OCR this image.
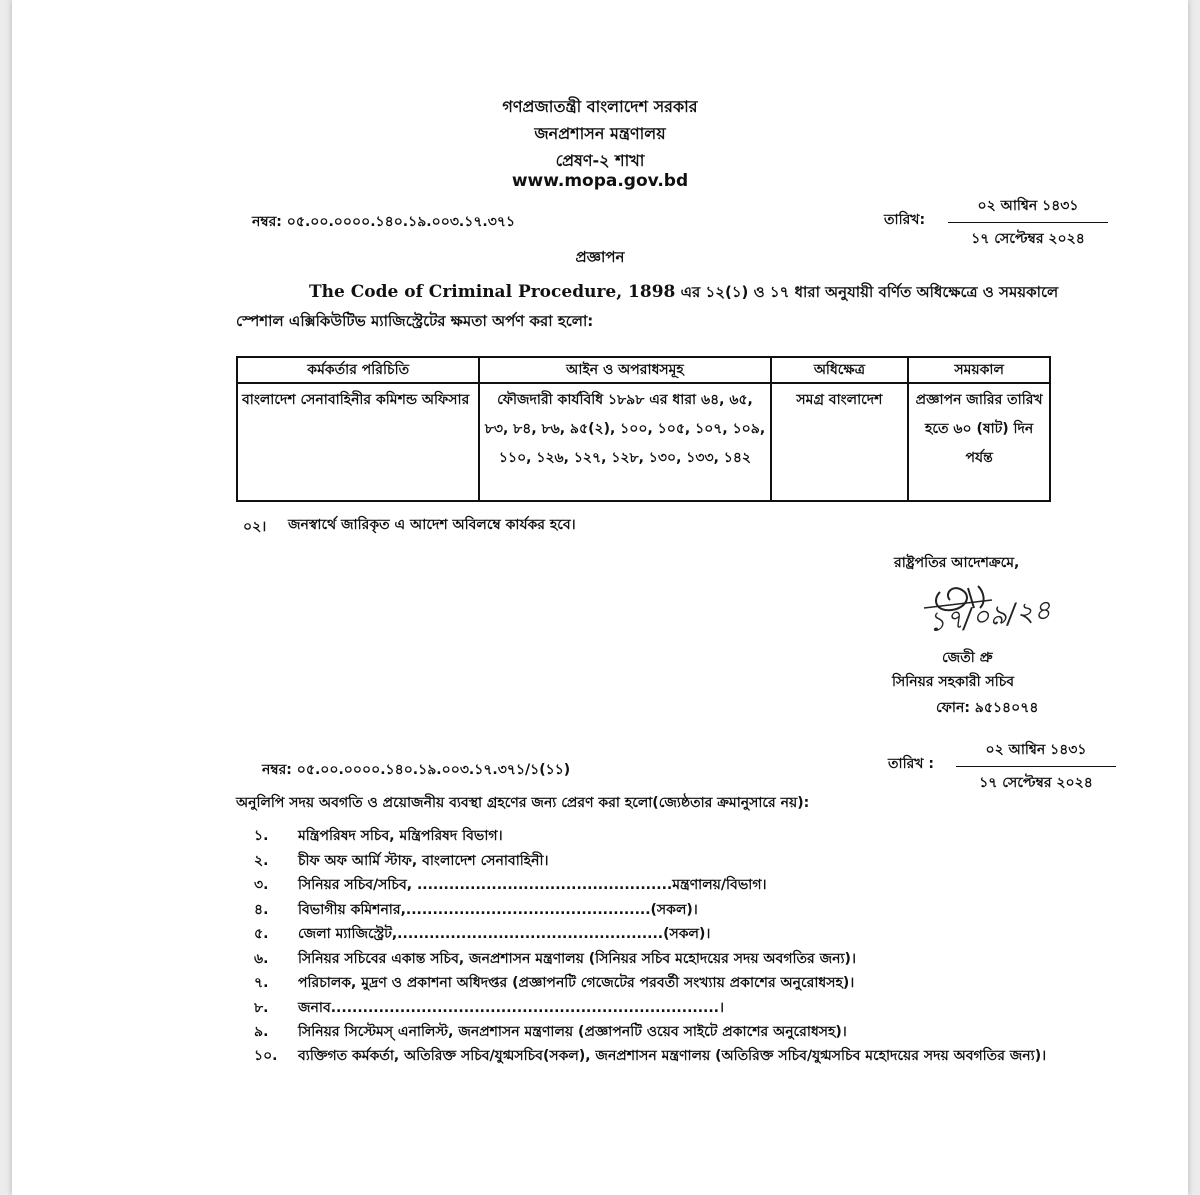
গণপ্রজাতন্ত্রী বাংলাদেশ সরকার
জনপ্রশাসন মন্ত্রণালয়
প্রেষণ-২ শাখা
www.mopa.gov.bd
নম্বর: ০৫.০০.০০০০.১৪০.১৯.০০৩.১৭.৩৭১	তারিখ:
০২ আশ্বিন ১৪৩১
১৭ সেপ্টেম্বর ২০২৪
প্রজ্ঞাপন
The Code of Criminal Procedure, 1898 এর ১২(১) ও ১৭ ধারা অনুযায়ী বর্ণিত অধিক্ষেত্রে ও সময়কালে
স্পেশাল এক্সিকিউটিভ ম্যাজিস্ট্রেটের ক্ষমতা অর্পণ করা হলো:
কর্মকর্তার পরিচিতি	আইন ও অপরাধসমূহ	অধিক্ষেত্র	সময়কাল
বাংলাদেশ সেনাবাহিনীর কমিশন্ড অফিসার	ফৌজদারী কার্যবিধি ১৮৯৮ এর ধারা ৬৪, ৬৫, ৮৩, ৮৪, ৮৬, ৯৫(২), ১০০, ১০৫, ১০৭, ১০৯, ১১০, ১২৬, ১২৭, ১২৮, ১৩০, ১৩৩, ১৪২	সমগ্র বাংলাদেশ	প্রজ্ঞাপন জারির তারিখ হতে ৬০ (ষাট) দিন পর্যন্ত
০২। জনস্বার্থে জারিকৃত এ আদেশ অবিলম্বে কার্যকর হবে।
রাষ্ট্রপতির আদেশক্রমে,
১৭/০৯/২৪
জেতী প্রু
সিনিয়র সহকারী সচিব
ফোন: ৯৫১৪০৭৪
নম্বর: ০৫.০০.০০০০.১৪০.১৯.০০৩.১৭.৩৭১/১(১১)	তারিখ :
০২ আশ্বিন ১৪৩১
১৭ সেপ্টেম্বর ২০২৪
অনুলিপি সদয় অবগতি ও প্রয়োজনীয় ব্যবস্থা গ্রহণের জন্য প্রেরণ করা হলো(জ্যেষ্ঠতার ক্রমানুসারে নয়):
১.	মন্ত্রিপরিষদ সচিব, মন্ত্রিপরিষদ বিভাগ।
২.	চীফ অফ আর্মি স্টাফ, বাংলাদেশ সেনাবাহিনী।
৩.	সিনিয়র সচিব/সচিব, ................................................মন্ত্রণালয়/বিভাগ।
৪.	বিভাগীয় কমিশনার,..............................................(সকল)।
৫.	জেলা ম্যাজিস্ট্রেট,..................................................(সকল)।
৬.	সিনিয়র সচিবের একান্ত সচিব, জনপ্রশাসন মন্ত্রণালয় (সিনিয়র সচিব মহোদয়ের সদয় অবগতির জন্য)।
৭.	পরিচালক, মুদ্রণ ও প্রকাশনা অধিদপ্তর (প্রজ্ঞাপনটি গেজেটের পরবর্তী সংখ্যায় প্রকাশের অনুরোধসহ)।
৮.	জনাব.........................................................................।
৯.	সিনিয়র সিস্টেমস্ এনালিস্ট, জনপ্রশাসন মন্ত্রণালয় (প্রজ্ঞাপনটি ওয়েব সাইটে প্রকাশের অনুরোধসহ)।
১০.	ব্যক্তিগত কর্মকর্তা, অতিরিক্ত সচিব/যুগ্মসচিব(সকল), জনপ্রশাসন মন্ত্রণালয় (অতিরিক্ত সচিব/যুগ্মসচিব মহোদয়ের সদয় অবগতির জন্য)।
